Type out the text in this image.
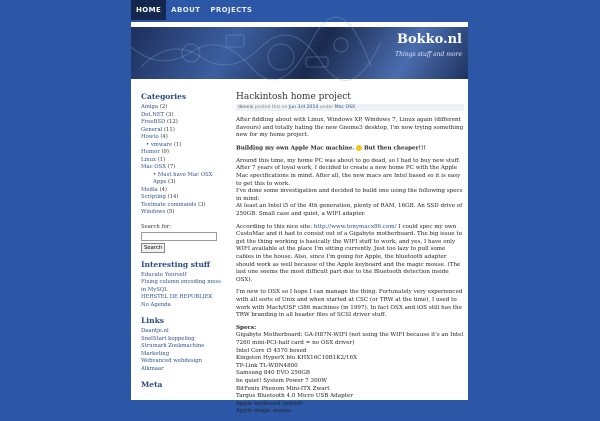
HOME	ABOUT	PROJECTS
Bokko.nl
Things stuff and more
Categories
Amiga (2)
Dot.NET (3)
FreeBSD (12)
General (11)
Howto (4)
• vmware (1)
Humor (9)
Linux (1)
Mac OSX (7)
• Must have Mac OSX Apps (3)
Media (4)
Scripting (14)
Textmate commands (3)
Windows (5)
Search for:
Search
Interesting stuff
Educate Yourself
Fixing column encoding mess in MySQL
HERSTEL DE REPUBLIEK
No Agenda
Links
Daantje.nl
SnelStart koppeling
Strumark Zoekmachine Marketing
Webvanced webdesign Alkmaar
Meta
Hackintosh home project
dennis posted this on Jun 3rd 2014 under Mac OSX

After fiddling about with Linux, Windows XP, Windows 7, Linux again (different flavours) and totally hating the new Gnome3 desktop, I'm now trying something new for my home project.

Building my own Apple Mac machine. But then cheaper!!!

Around this time, my home PC was about to go dead, so I had to buy new stuff. After 7 years of loyal work, I decided to create a new home PC with the Apple Mac specifications in mind. After all, the new macs are Intel based so it is easy to get this to work.
I've done some investigation and decided to build one using the following specs in mind:
At least an Intel i5 of the 4th generation, plenty of RAM, 16GB. An SSD drive of 250GB. Small case and quiet, a WIFI adapter.

According to this nice site: http://www.tonymacx86.com/ I could spec my own CustoMac and it had to consist out of a Gigabyte motherboard. The big issue to get the thing working is basically the WIFI stuff to work, and yes, I have only WIFI available at the place I'm sitting currently. Just too lazy to pull some cables in the house. Also, since I'm going for Apple, the bluetooth adapter should work as well because of the Apple keyboard and the magic mouse. (The last one seems the most difficult part due to the Bluetooth detection inside OSX).

I'm new to OSX so I hope I can manage the thing. Fortunately very experienced with all sorts of Unix and when started at CSC (or TRW at the time), I used to work with Mach/OSF i386 machines (in 1997). In fact OSX and iOS still has the TRW branding in all header files of SCSI driver stuff.

Specs:
Gigabyte Motherboard: GA-H87N-WIFI (not using the WIFI because it's an Intel 7260 mini-PCI-half card = no OSX driver)
Intel Core i5 4570 boxed
Kingston HyperX blu KHX16C10B1K2/16X
TP-Link TL-WDN4800
Samsung 840 EVO 250GB
be quiet! System Power 7 300W
BitFenix Phenom Mini-ITX Zwart
Targus Bluetooth 4.0 Micro USB Adapter
Apple keyboard (wired)
Apple magic mouse
